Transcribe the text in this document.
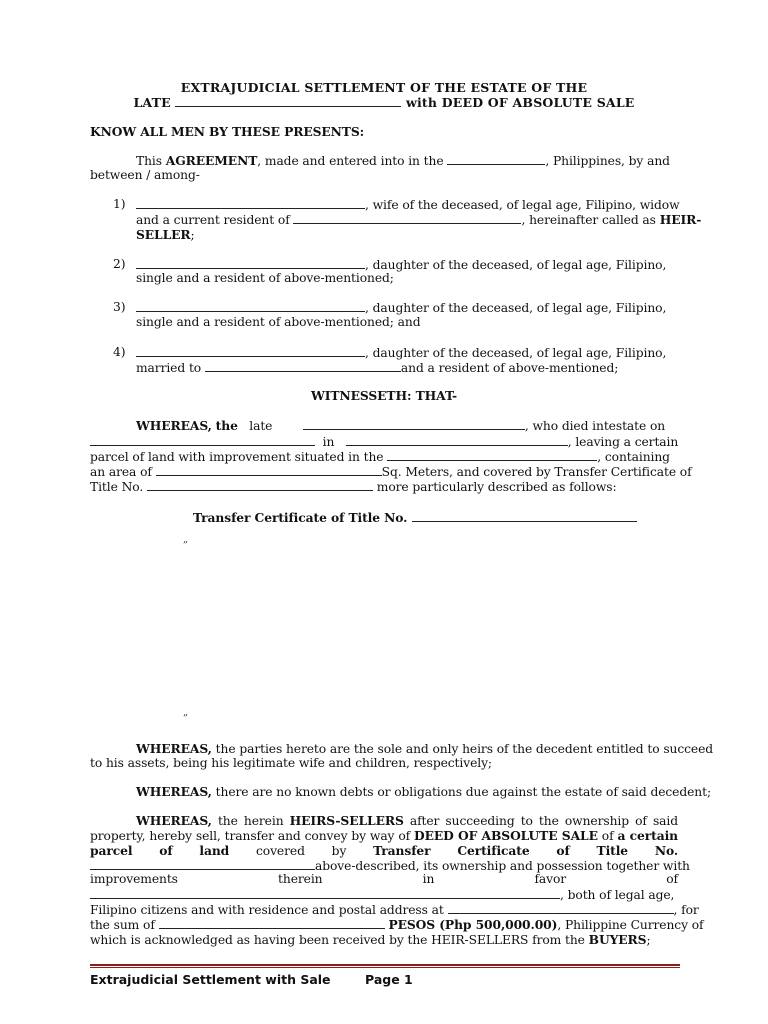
EXTRAJUDICIAL SETTLEMENT OF THE ESTATE OF THE
LATE	with DEED OF ABSOLUTE SALE
KNOW ALL MEN BY THESE PRESENTS:
This AGREEMENT, made and entered into in the	, Philippines, by and
between / among-
1)	, wife of the deceased, of legal age, Filipino, widow
and a current resident of	, hereinafter called as HEIR-
SELLER;
2)	, daughter of the deceased, of legal age, Filipino,
single and a resident of above-mentioned;
3)	, daughter of the deceased, of legal age, Filipino,
single and a resident of above-mentioned; and
4)	, daughter of the deceased, of legal age, Filipino,
married to	and a resident of above-mentioned;
WITNESSETH: THAT-
WHEREAS, the late	, who died intestate on
in	, leaving a certain
parcel of land with improvement situated in the	, containing
an area of	Sq. Meters, and covered by Transfer Certificate of
Title No.	more particularly described as follows:
Transfer Certificate of Title No.
„
„
WHEREAS, the parties hereto are the sole and only heirs of the decedent entitled to succeed
to his assets, being his legitimate wife and children, respectively;
WHEREAS, there are no known debts or obligations due against the estate of said decedent;
WHEREAS, the herein HEIRS-SELLERS after succeeding to the ownership of said
property, hereby sell, transfer and convey by way of DEED OF ABSOLUTE SALE of a certain
parcel of land covered by Transfer Certificate of Title No.
above-described, its ownership and possession together with
improvements	therein	in	favor	of
, both of legal age,
Filipino citizens and with residence and postal address at	, for
the sum of	PESOS (Php 500,000.00), Philippine Currency of
which is acknowledged as having been received by the HEIR-SELLERS from the BUYERS;
Extrajudicial Settlement with Sale	Page 1
